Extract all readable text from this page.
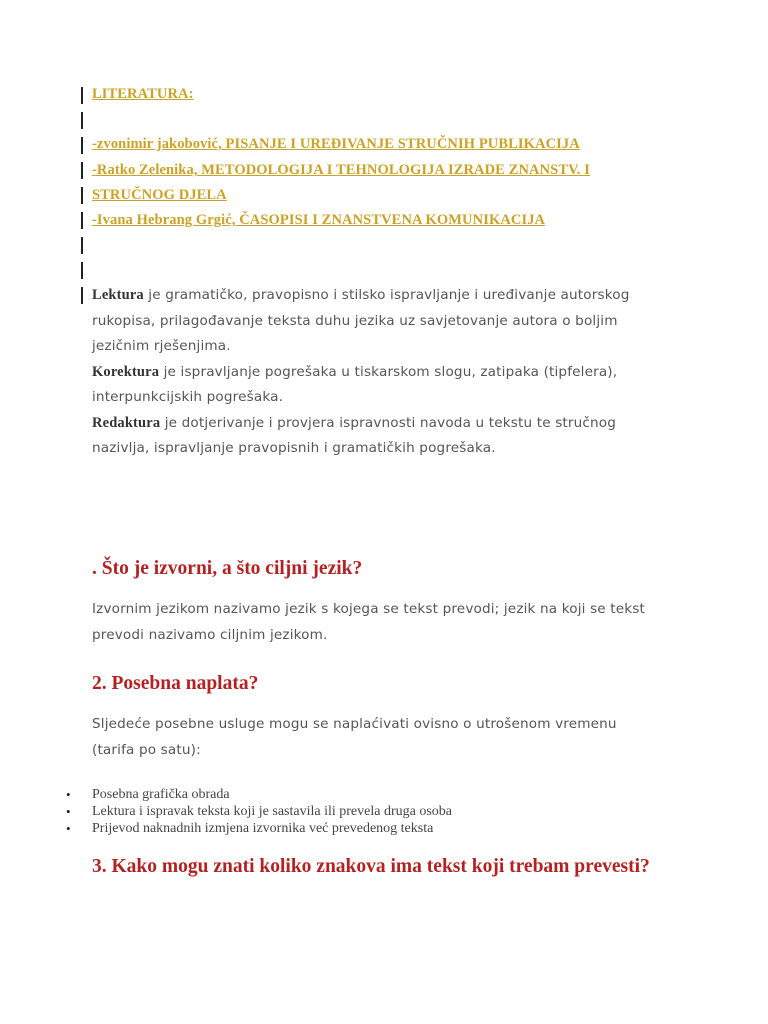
LITERATURA:
-zvonimir jakobović, PISANJE I UREĐIVANJE STRUČNIH PUBLIKACIJA
-Ratko Zelenika, METODOLOGIJA I TEHNOLOGIJA IZRADE ZNANSTV. I
STRUČNOG DJELA
-Ivana Hebrang Grgić, ČASOPISI I ZNANSTVENA KOMUNIKACIJA
Lektura je gramatičko, pravopisno i stilsko ispravljanje i uređivanje autorskog rukopisa, prilagođavanje teksta duhu jezika uz savjetovanje autora o boljim jezičnim rješenjima.
Korektura je ispravljanje pogrešaka u tiskarskom slogu, zatipaka (tipfelera), interpunkcijskih pogrešaka.
Redaktura je dotjerivanje i provjera ispravnosti navoda u tekstu te stručnog nazivlja, ispravljanje pravopisnih i gramatičkih pogrešaka.
. Što je izvorni, a što ciljni jezik?
Izvornim jezikom nazivamo jezik s kojega se tekst prevodi; jezik na koji se tekst prevodi nazivamo ciljnim jezikom.
2. Posebna naplata?
Sljedeće posebne usluge mogu se naplaćivati ovisno o utrošenom vremenu (tarifa po satu):
• Posebna grafička obrada
• Lektura i ispravak teksta koji je sastavila ili prevela druga osoba
• Prijevod naknadnih izmjena izvornika već prevedenog teksta
3. Kako mogu znati koliko znakova ima tekst koji trebam prevesti?
